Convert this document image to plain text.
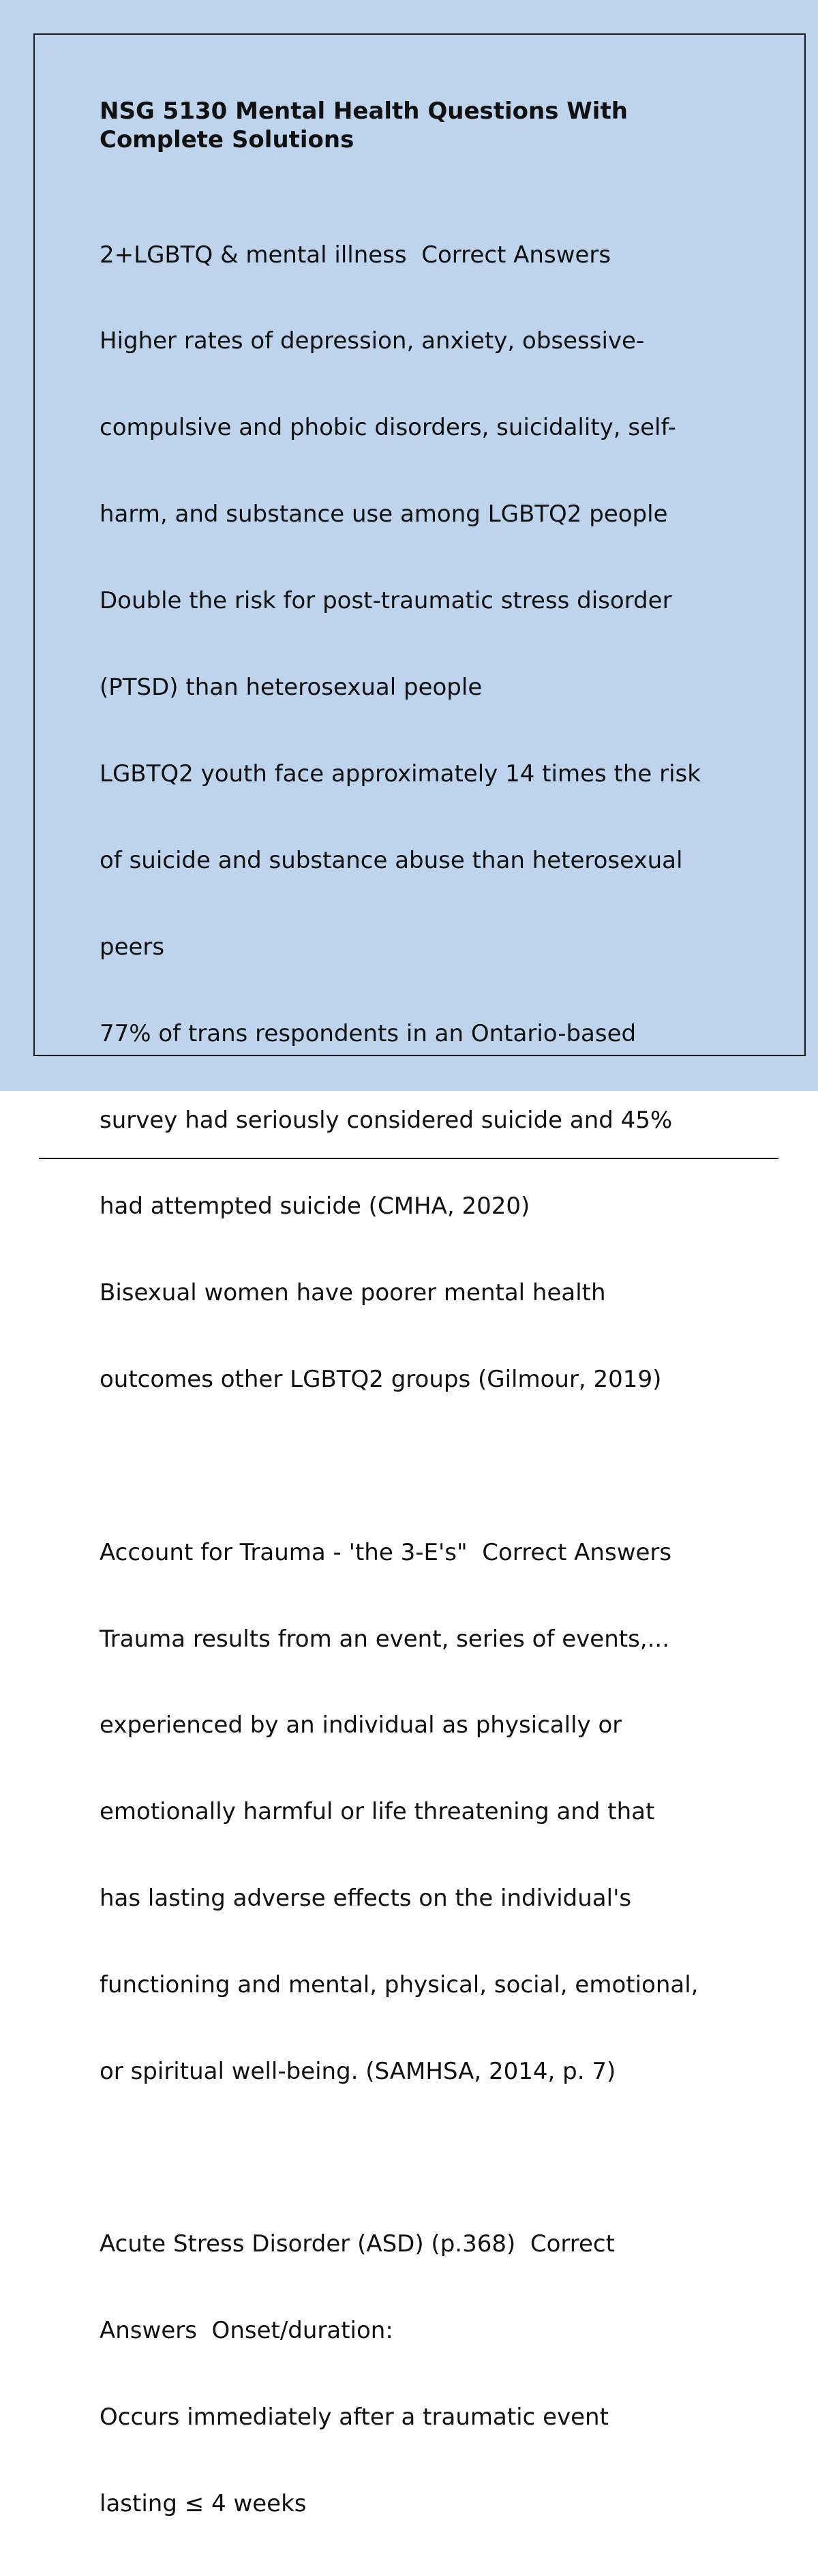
NSG 5130 Mental Health Questions With Complete Solutions

2+LGBTQ & mental illness  Correct Answers

Higher rates of depression, anxiety, obsessive-

compulsive and phobic disorders, suicidality, self-

harm, and substance use among LGBTQ2 people

Double the risk for post-traumatic stress disorder

(PTSD) than heterosexual people

LGBTQ2 youth face approximately 14 times the risk

of suicide and substance abuse than heterosexual

peers

77% of trans respondents in an Ontario-based

survey had seriously considered suicide and 45%

had attempted suicide (CMHA, 2020)

Bisexual women have poorer mental health

outcomes other LGBTQ2 groups (Gilmour, 2019)

Account for Trauma - 'the 3-E's"  Correct Answers

Trauma results from an event, series of events,...

experienced by an individual as physically or

emotionally harmful or life threatening and that

has lasting adverse effects on the individual's

functioning and mental, physical, social, emotional,

or spiritual well-being. (SAMHSA, 2014, p. 7)

Acute Stress Disorder (ASD) (p.368)  Correct

Answers  Onset/duration:

Occurs immediately after a traumatic event

lasting ≤ 4 weeks
